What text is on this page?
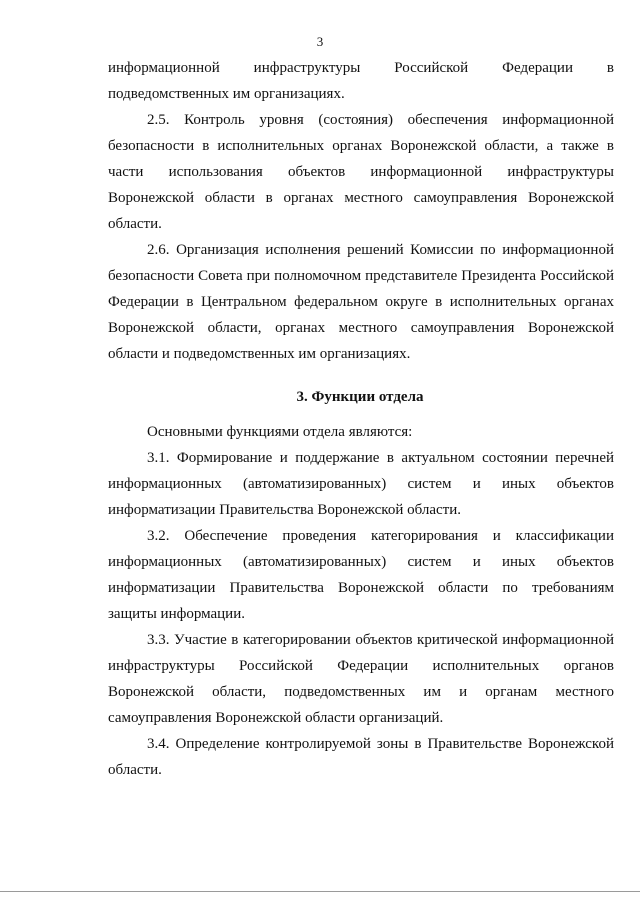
3
информационной инфраструктуры Российской Федерации в
подведомственных им организациях.
2.5. Контроль уровня (состояния) обеспечения информационной
безопасности в исполнительных органах Воронежской области, а также в
части использования объектов информационной инфраструктуры
Воронежской области в органах местного самоуправления Воронежской
области.
2.6. Организация исполнения решений Комиссии по информационной
безопасности Совета при полномочном представителе Президента Российской
Федерации в Центральном федеральном округе в исполнительных органах
Воронежской области, органах местного самоуправления Воронежской
области и подведомственных им организациях.
3. Функции отдела
Основными функциями отдела являются:
3.1. Формирование и поддержание в актуальном состоянии перечней
информационных (автоматизированных) систем и иных объектов
информатизации Правительства Воронежской области.
3.2. Обеспечение проведения категорирования и классификации
информационных (автоматизированных) систем и иных объектов
информатизации Правительства Воронежской области по требованиям
защиты информации.
3.3. Участие в категорировании объектов критической информационной
инфраструктуры Российской Федерации исполнительных органов
Воронежской области, подведомственных им и органам местного
самоуправления Воронежской области организаций.
3.4. Определение контролируемой зоны в Правительстве Воронежской
области.
